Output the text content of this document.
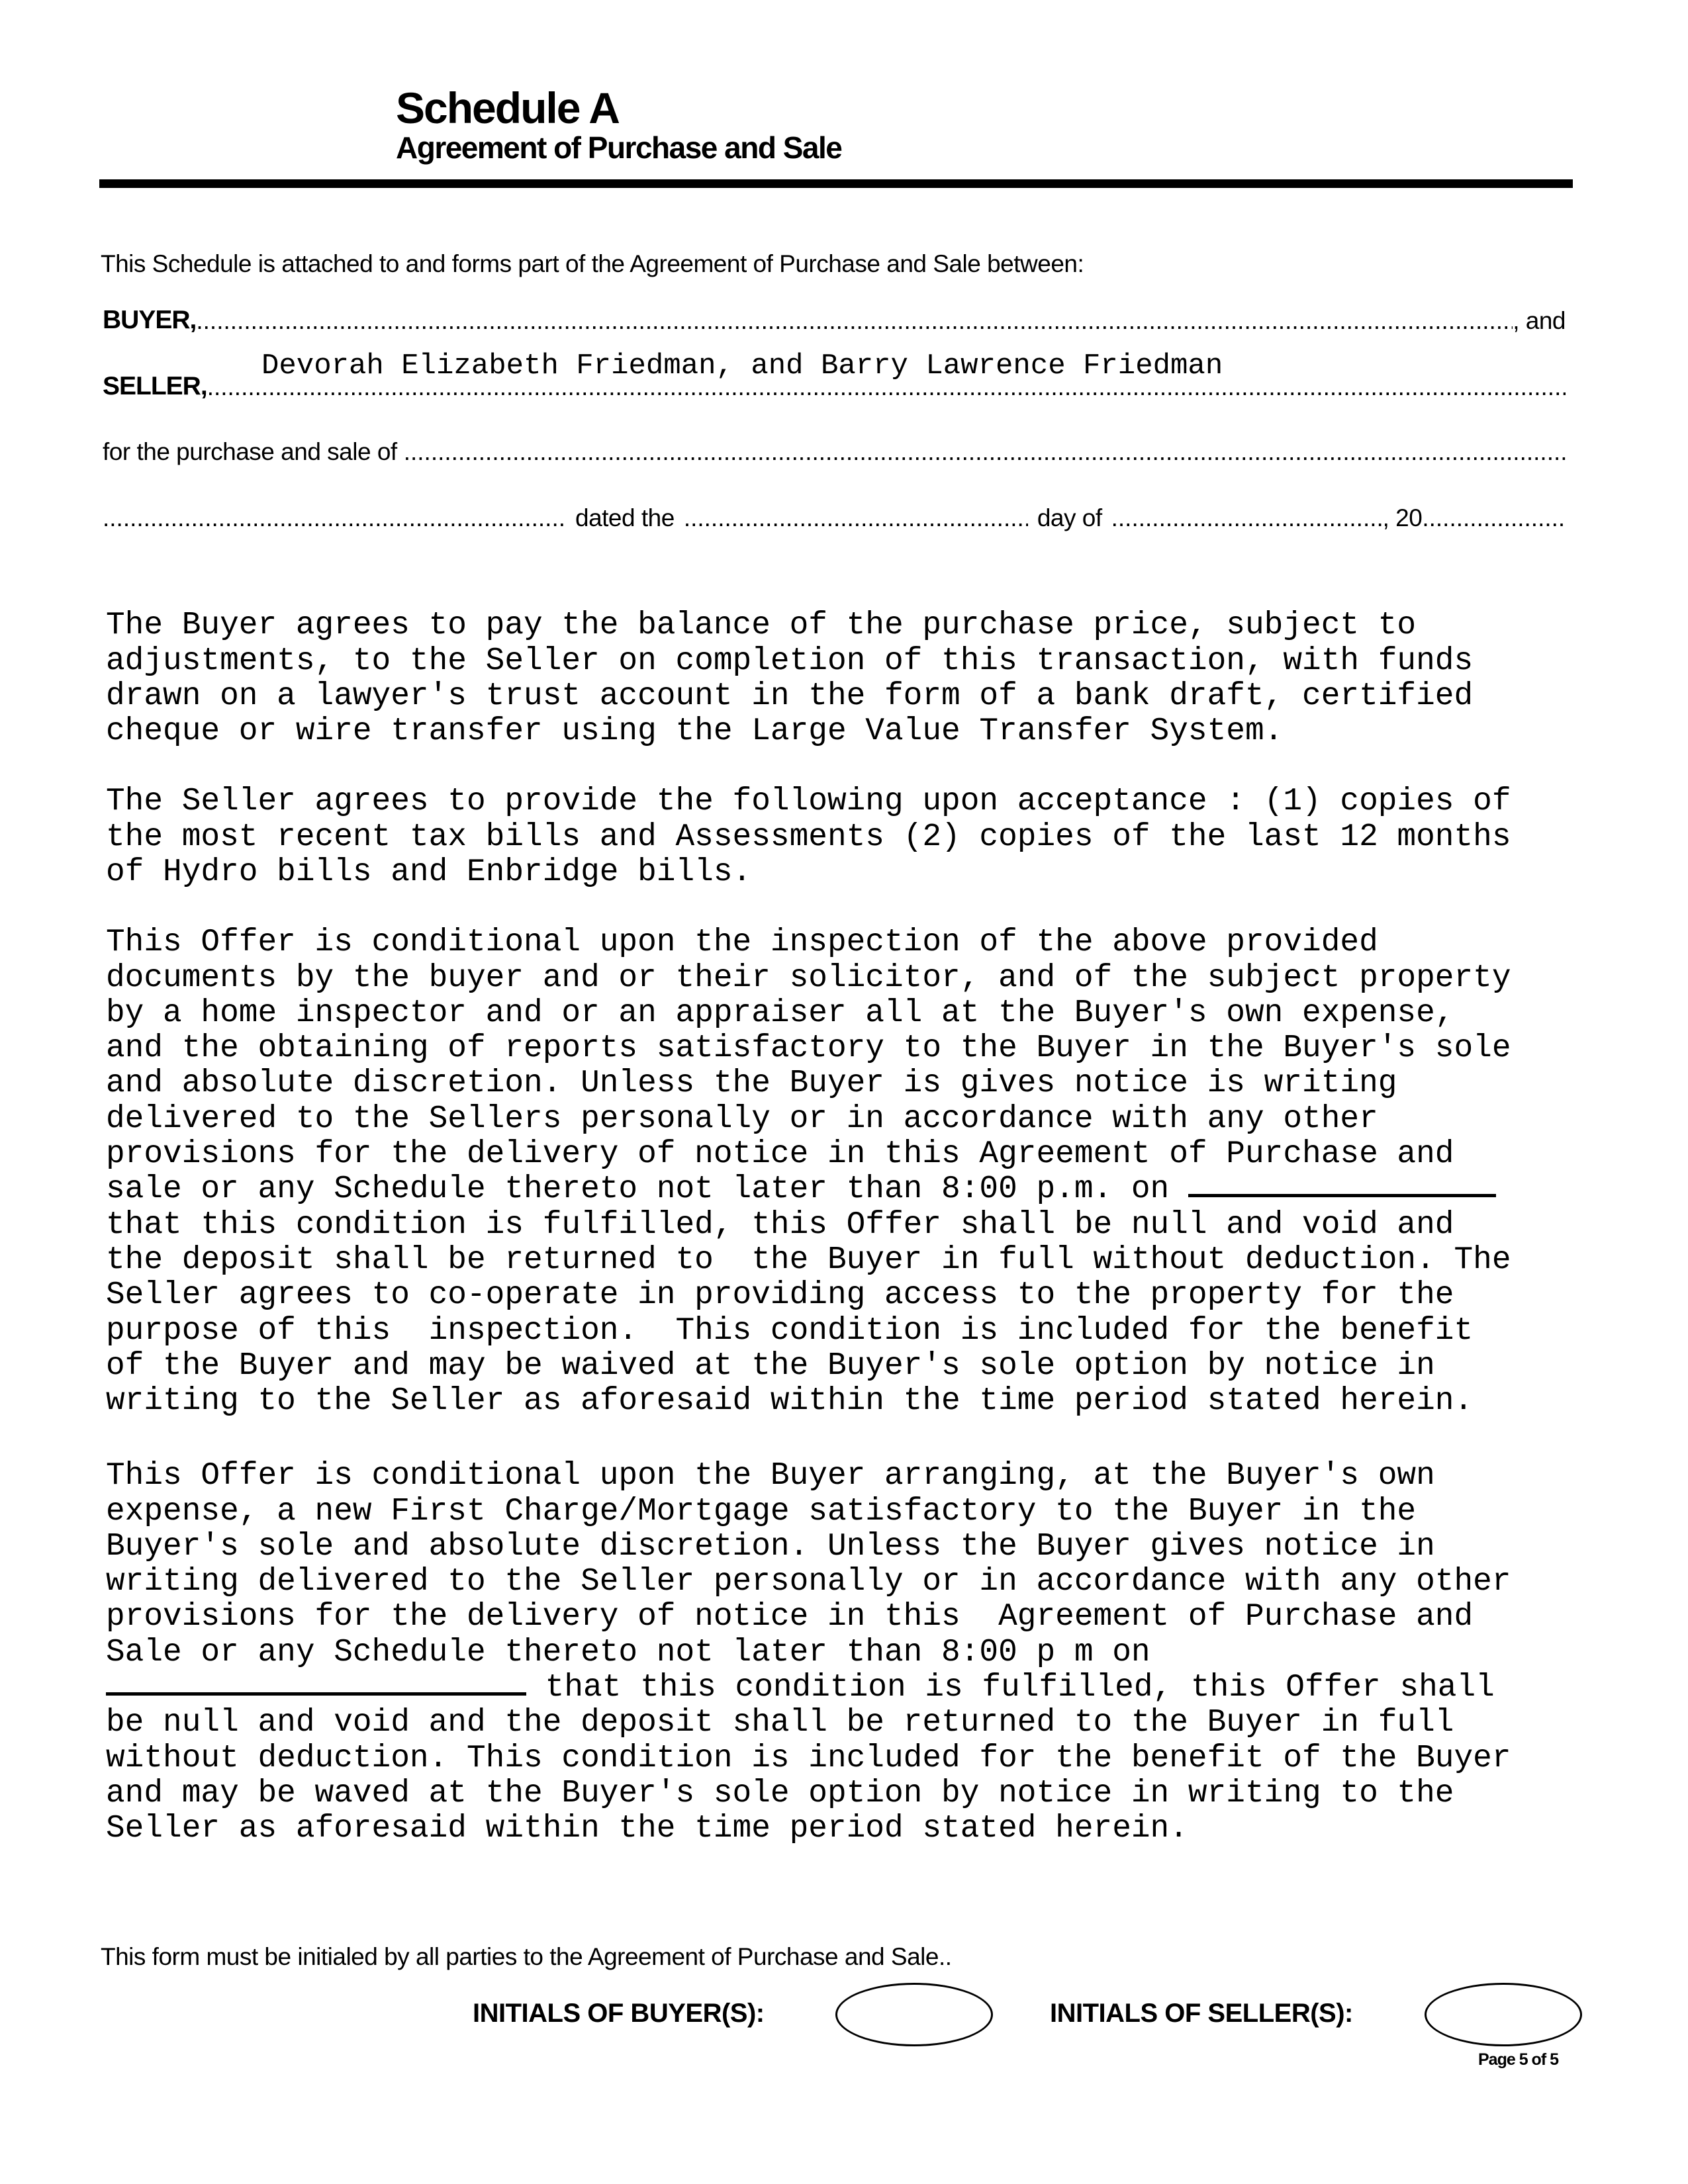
Schedule A
Agreement of Purchase and Sale
This Schedule is attached to and forms part of the Agreement of Purchase and Sale between:
BUYER, .....	, and
Devorah Elizabeth Friedman, and Barry Lawrence Friedman
SELLER,
.....
for the purchase and sale of
.....
.....
dated the .....	day of .....	, 20
.....

The Buyer agrees to pay the balance of the purchase price, subject to
adjustments, to the Seller on completion of this transaction, with funds
drawn on a lawyer's trust account in the form of a bank draft, certified
cheque or wire transfer using the Large Value Transfer System.

The Seller agrees to provide the following upon acceptance : (1) copies of
the most recent tax bills and Assessments (2) copies of the last 12 months
of Hydro bills and Enbridge bills.

This Offer is conditional upon the inspection of the above provided
documents by the buyer and or their solicitor, and of the subject property
by a home inspector and or an appraiser all at the Buyer's own expense,
and the obtaining of reports satisfactory to the Buyer in the Buyer's sole
and absolute discretion. Unless the Buyer is gives notice is writing
delivered to the Sellers personally or in accordance with any other
provisions for the delivery of notice in this Agreement of Purchase and
sale or any Schedule thereto not later than 8:00 p.m. on
that this condition is fulfilled, this Offer shall be null and void and
the deposit shall be returned to  the Buyer in full without deduction. The
Seller agrees to co-operate in providing access to the property for the
purpose of this  inspection.  This condition is included for the benefit
of the Buyer and may be waived at the Buyer's sole option by notice in
writing to the Seller as aforesaid within the time period stated herein.

This Offer is conditional upon the Buyer arranging, at the Buyer's own
expense, a new First Charge/Mortgage satisfactory to the Buyer in the
Buyer's sole and absolute discretion. Unless the Buyer gives notice in
writing delivered to the Seller personally or in accordance with any other
provisions for the delivery of notice in this  Agreement of Purchase and
Sale or any Schedule thereto not later than 8:00 p m on
that this condition is fulfilled, this Offer shall
be null and void and the deposit shall be returned to the Buyer in full
without deduction. This condition is included for the benefit of the Buyer
and may be waved at the Buyer's sole option by notice in writing to the
Seller as aforesaid within the time period stated herein.

This form must be initialed by all parties to the Agreement of Purchase and Sale..
INITIALS OF BUYER(S):	INITIALS OF SELLER(S):
Page 5 of 5
